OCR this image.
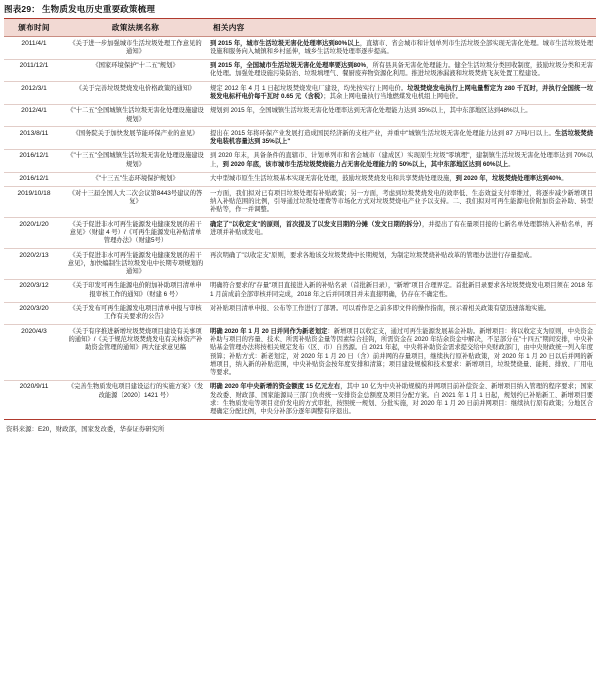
图表29： 生物质发电历史重要政策梳理
颁布时间	政策法规名称	相关内容
2011/4/1	《关于进一步加强城市生活垃圾处理工作意见的通知》	到 2015 年，城市生活垃圾无害化处理率达到80%以上，直辖市、省会城市和计划单列市生活垃圾全部实现无害化处理。城市生活垃圾处理设施和服务向入城镇和乡村延伸，城乡生活垃圾处理率逐步提高。
2011/12/1	《国家环境保护"十二五"规划》	到 2015 年，全国城市生活垃圾无害化处理率要达到80%，所有县具备无害化处理能力。健全生活垃圾分类回收制度，鼓励垃圾分类和无害化处理。加强处理设施污染防治、垃圾填埋气、餐厨废弃物资源化利用。推进垃圾渗漏液和垃圾焚烧飞灰处置工程建设。
2012/3/1	《关于完善垃圾焚烧发电价格政策的通知》	规定 2012 年 4 月 1 日起垃圾焚烧发电厂建设，均先按实行上网电价。垃圾焚烧发电执行上网电量暫定为 280 千瓦时，并执行全国统一垃圾发电标杆电价每千瓦时 0.65 元（含税）；其余上网电量执行当地燃煤发电机组上网电价。
2012/4/1	《"十二五"全国城镇生活垃圾无害化处理设施建设规划》	规划到 2015 年，全国城镇生活垃圾无害化处理率达到无害化处理能力达到 35%以上，其中东部地区达到48%以上。
2013/8/11	《国务院关于加快发展节能环保产业的意见》	提出在 2015 年将环保产业发展打造成国民经济新的支柱产业，并重中"城镇生活垃圾无害化处理能力达到 87 万吨/日以上。生活垃圾焚烧发电装机容量达到 35%以上"
2016/12/1	《"十三五"全国城镇生活垃圾无害化处理设施建设规划》	到 2020 年末，具备条件的直辖市、计划单列市和省会城市（建成区）实现原生垃圾"零填埋"，建制镇生活垃圾无害化处理率达到 70%以上，到 2020 年底，该市城市生活垃圾焚烧能力占无害化处理能力的 50%以上，其中东部地区达到 60%以上。
2016/12/1	《"十三五"生态环境保护规划》	大中型城市原生生活垃圾基本实现无害化处理，鼓励垃圾焚烧发电和共享焚烧处理设施，到 2020 年，垃圾焚烧处理率达到40%。
2019/10/18	《对十三届全国人大二次会议第8443号建议的答复》	一方面，我们拟对已有项目垃圾处理有补贴政策；另一方面，考虑到垃圾焚烧发电的效率低、生态效益支付率维过，将逐步减少新增项目纳入补贴范围的比例，引导通过垃圾处理费等市场化方式对垃圾焚烧电产业予以支持。二、我们拟对可再生能源电价附加资金补助、转型补贴等，作一并调整。
2020/1/20	《关于促进非水可再生能源发电健康发展的若干意见》（财建 4 号）/《可再生能源发电补贴清单管理办法》（财建5号）	确定了"以收定支"的原则，首次提及了以发支目期的分摊（发文日期的拆分），并提出了有在量项目接的七新名单处理都纳入补贴名单，再进项并补贴或发电。
2020/2/13	《关于促进非水可再生能源发电健康发展的若干意见》，加快编制生活垃圾发电中长期专项规划的通知》	再次明确了"以收定支"原则，要求各地该交垃圾焚烧中长期规划，为制定垃圾焚烧补贴改革的管理办法进行存量提成。
2020/3/12	《关于印发可再生能源电价附加补助项目清单申报审核工作的通知》（财建 6 号）	明确符合要求的"存量"项目直接进入新的补贴名录（首批新目录），"新增"项目合理界定。首批新目录要求各垃圾焚烧发电项目须在 2018 年 1 月前成前全部审核并同完成，2018 年之后并同项目并未直接明确，仍存在不确定性。
2020/3/20	《关于发布可再生能源发电项目清单申报与审核工作有关要求的公告》	对补贴项目清单申报、公布等工作进行了部署。可以看作是之前多即文件的操作指南，预示着相关政策有望迅速落地实施。
2020/4/3	《关于有序推进新增垃圾焚烧项目建设有关事项的通知》/《关于规范垃圾焚烧发电有关林资产补助资金管理的通知》两大征求意见稿	明确 2020 年 1 月 20 日并同作为新老划定：新增项目以收定支，通过可再生能源发展基金补助。新增项目：将以收定支为原则，中央资金补助与项目的容量、技术、所需补贴资金量等因素综合挂钩，所需资金在 2020 年结余资金中解决，不足部分在"十四五"期间安排，中央补贴基金管理办法将按相关规定发布（区、市）自然源。自 2021 年起，中央将补助资金需求提交给中央财政部门，由中央财政统一列入年度预算；补贴方式：新老划定，对 2020 年 1 月 20 日（含）前并网的存量项目，继续执行原补贴政策，对 2020 年 1 月 20 日以后并网的新增项目，纳入新的补贴范围，中央补贴资金按年度安排和清算；项目建设规模和技术要求：新增项目，垃圾焚烧量、能耗、排放、厂用电等要求。
2020/9/11	《完善生物质发电项目建设运行的实施方案》（发改能源〔2020〕1421 号）	明确 2020 年中央新增的资金额度 15 亿元左右，其中 10 亿为中央补助规模的并网项目前补偿资金、新增项目纳入管理的程序要求；国家发改委、财政部、国家能源局三部门负责统一安排资金总额度及项目分配方案。自 2021 年 1 月 1 日起，规划约已补贴新工、新增项目要求：生物质发电等项目竞价发电的方式审批，按照统一规划、分批实施，对 2020 年 1 月 20 日前并网项目：继续执行原有政策；分地区合理确定分配比例，中央分补部分逐年调整有序退出。
资料来源：E20，财政部，国家发改委，华泰证券研究所
